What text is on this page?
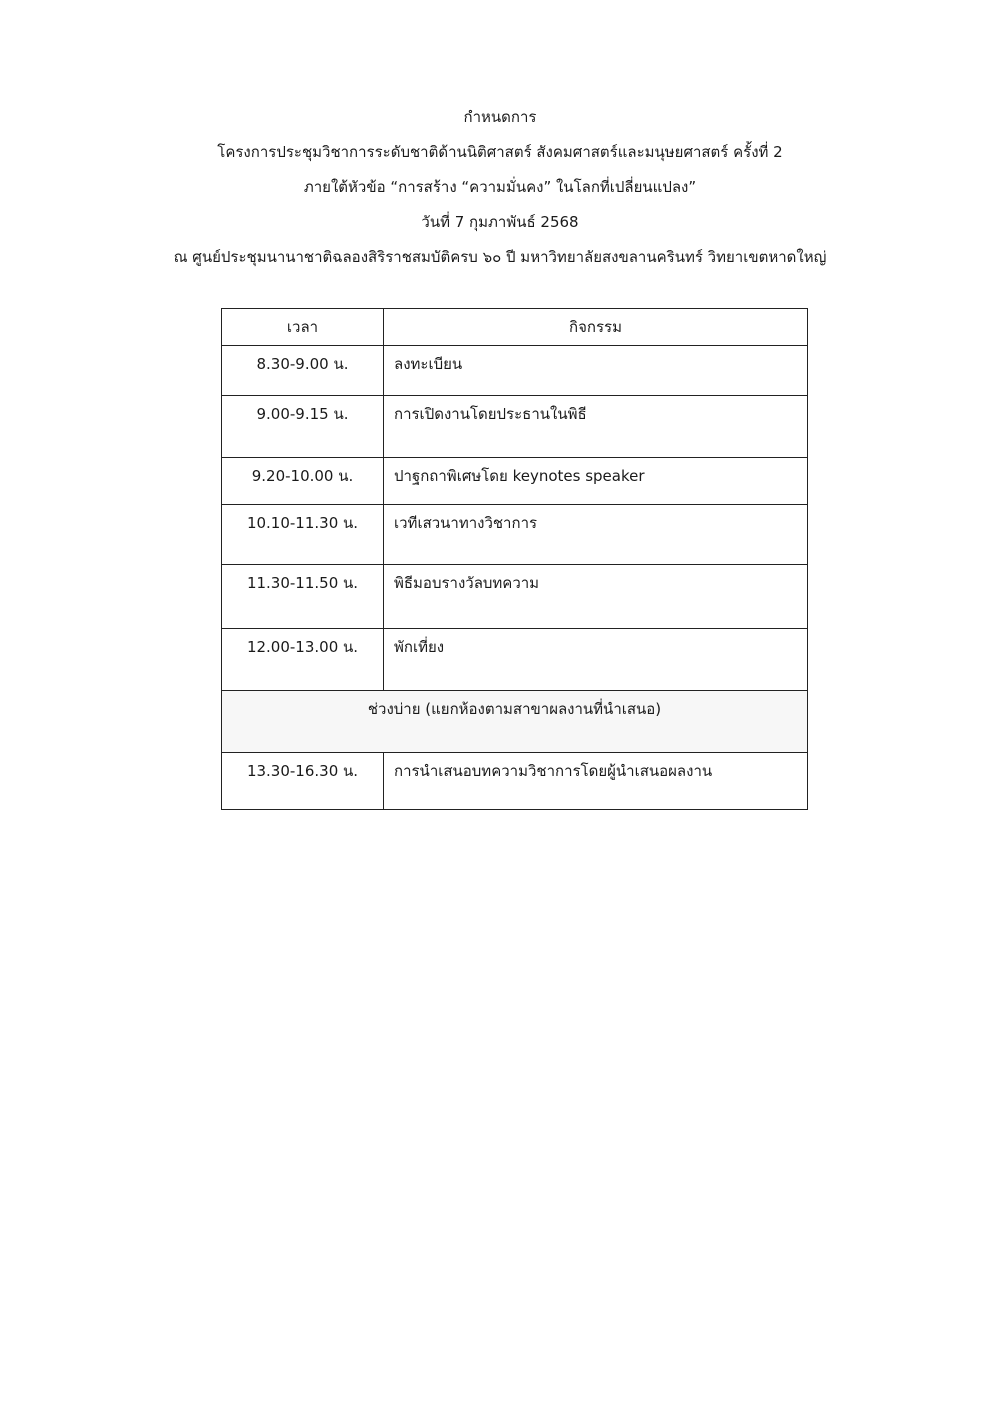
กำหนดการ
โครงการประชุมวิชาการระดับชาติด้านนิติศาสตร์ สังคมศาสตร์และมนุษยศาสตร์ ครั้งที่ 2
ภายใต้หัวข้อ “การสร้าง “ความมั่นคง” ในโลกที่เปลี่ยนแปลง”
วันที่ 7 กุมภาพันธ์ 2568
ณ ศูนย์ประชุมนานาชาติฉลองสิริราชสมบัติครบ ๖๐ ปี มหาวิทยาลัยสงขลานครินทร์ วิทยาเขตหาดใหญ่
เวลา	กิจกรรม
8.30-9.00 น.	ลงทะเบียน
9.00-9.15 น.	การเปิดงานโดยประธานในพิธี
9.20-10.00 น.	ปาฐกถาพิเศษโดย keynotes speaker
10.10-11.30 น.	เวทีเสวนาทางวิชาการ
11.30-11.50 น.	พิธีมอบรางวัลบทความ
12.00-13.00 น.	พักเที่ยง
ช่วงบ่าย (แยกห้องตามสาขาผลงานที่นำเสนอ)	
13.30-16.30 น.	การนำเสนอบทความวิชาการโดยผู้นำเสนอผลงาน
